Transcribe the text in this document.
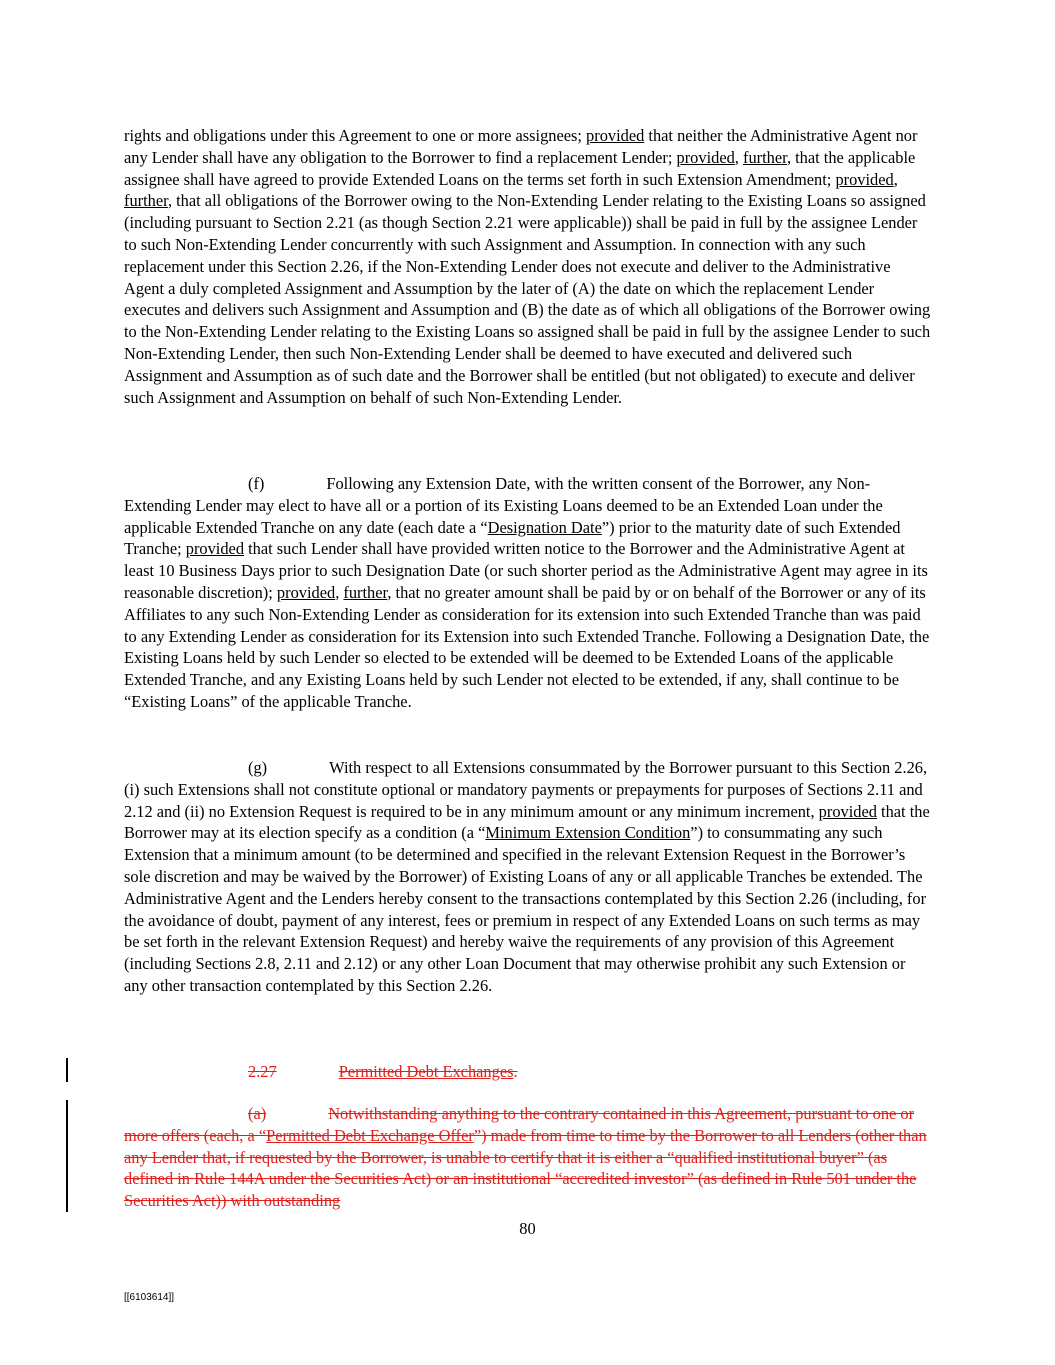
rights and obligations under this Agreement to one or more assignees; provided that neither the Administrative Agent nor any Lender shall have any obligation to the Borrower to find a replacement Lender; provided, further, that the applicable assignee shall have agreed to provide Extended Loans on the terms set forth in such Extension Amendment; provided, further, that all obligations of the Borrower owing to the Non-Extending Lender relating to the Existing Loans so assigned (including pursuant to Section 2.21 (as though Section 2.21 were applicable)) shall be paid in full by the assignee Lender to such Non-Extending Lender concurrently with such Assignment and Assumption. In connection with any such replacement under this Section 2.26, if the Non-Extending Lender does not execute and deliver to the Administrative Agent a duly completed Assignment and Assumption by the later of (A) the date on which the replacement Lender executes and delivers such Assignment and Assumption and (B) the date as of which all obligations of the Borrower owing to the Non-Extending Lender relating to the Existing Loans so assigned shall be paid in full by the assignee Lender to such Non-Extending Lender, then such Non-Extending Lender shall be deemed to have executed and delivered such Assignment and Assumption as of such date and the Borrower shall be entitled (but not obligated) to execute and deliver such Assignment and Assumption on behalf of such Non-Extending Lender.

(f)	Following any Extension Date, with the written consent of the Borrower, any Non-Extending Lender may elect to have all or a portion of its Existing Loans deemed to be an Extended Loan under the applicable Extended Tranche on any date (each date a “Designation Date”) prior to the maturity date of such Extended Tranche; provided that such Lender shall have provided written notice to the Borrower and the Administrative Agent at least 10 Business Days prior to such Designation Date (or such shorter period as the Administrative Agent may agree in its reasonable discretion); provided, further, that no greater amount shall be paid by or on behalf of the Borrower or any of its Affiliates to any such Non-Extending Lender as consideration for its extension into such Extended Tranche than was paid to any Extending Lender as consideration for its Extension into such Extended Tranche. Following a Designation Date, the Existing Loans held by such Lender so elected to be extended will be deemed to be Extended Loans of the applicable Extended Tranche, and any Existing Loans held by such Lender not elected to be extended, if any, shall continue to be “Existing Loans” of the applicable Tranche.

(g)	With respect to all Extensions consummated by the Borrower pursuant to this Section 2.26, (i) such Extensions shall not constitute optional or mandatory payments or prepayments for purposes of Sections 2.11 and 2.12 and (ii) no Extension Request is required to be in any minimum amount or any minimum increment, provided that the Borrower may at its election specify as a condition (a “Minimum Extension Condition”) to consummating any such Extension that a minimum amount (to be determined and specified in the relevant Extension Request in the Borrower’s sole discretion and may be waived by the Borrower) of Existing Loans of any or all applicable Tranches be extended. The Administrative Agent and the Lenders hereby consent to the transactions contemplated by this Section 2.26 (including, for the avoidance of doubt, payment of any interest, fees or premium in respect of any Extended Loans on such terms as may be set forth in the relevant Extension Request) and hereby waive the requirements of any provision of this Agreement (including Sections 2.8, 2.11 and 2.12) or any other Loan Document that may otherwise prohibit any such Extension or any other transaction contemplated by this Section 2.26.

2.27	Permitted Debt Exchanges.

(a)	Notwithstanding anything to the contrary contained in this Agreement, pursuant to one or more offers (each, a “Permitted Debt Exchange Offer”) made from time to time by the Borrower to all Lenders (other than any Lender that, if requested by the Borrower, is unable to certify that it is either a “qualified institutional buyer” (as defined in Rule 144A under the Securities Act) or an institutional “accredited investor” (as defined in Rule 501 under the Securities Act)) with outstanding

80
[[6103614]]
